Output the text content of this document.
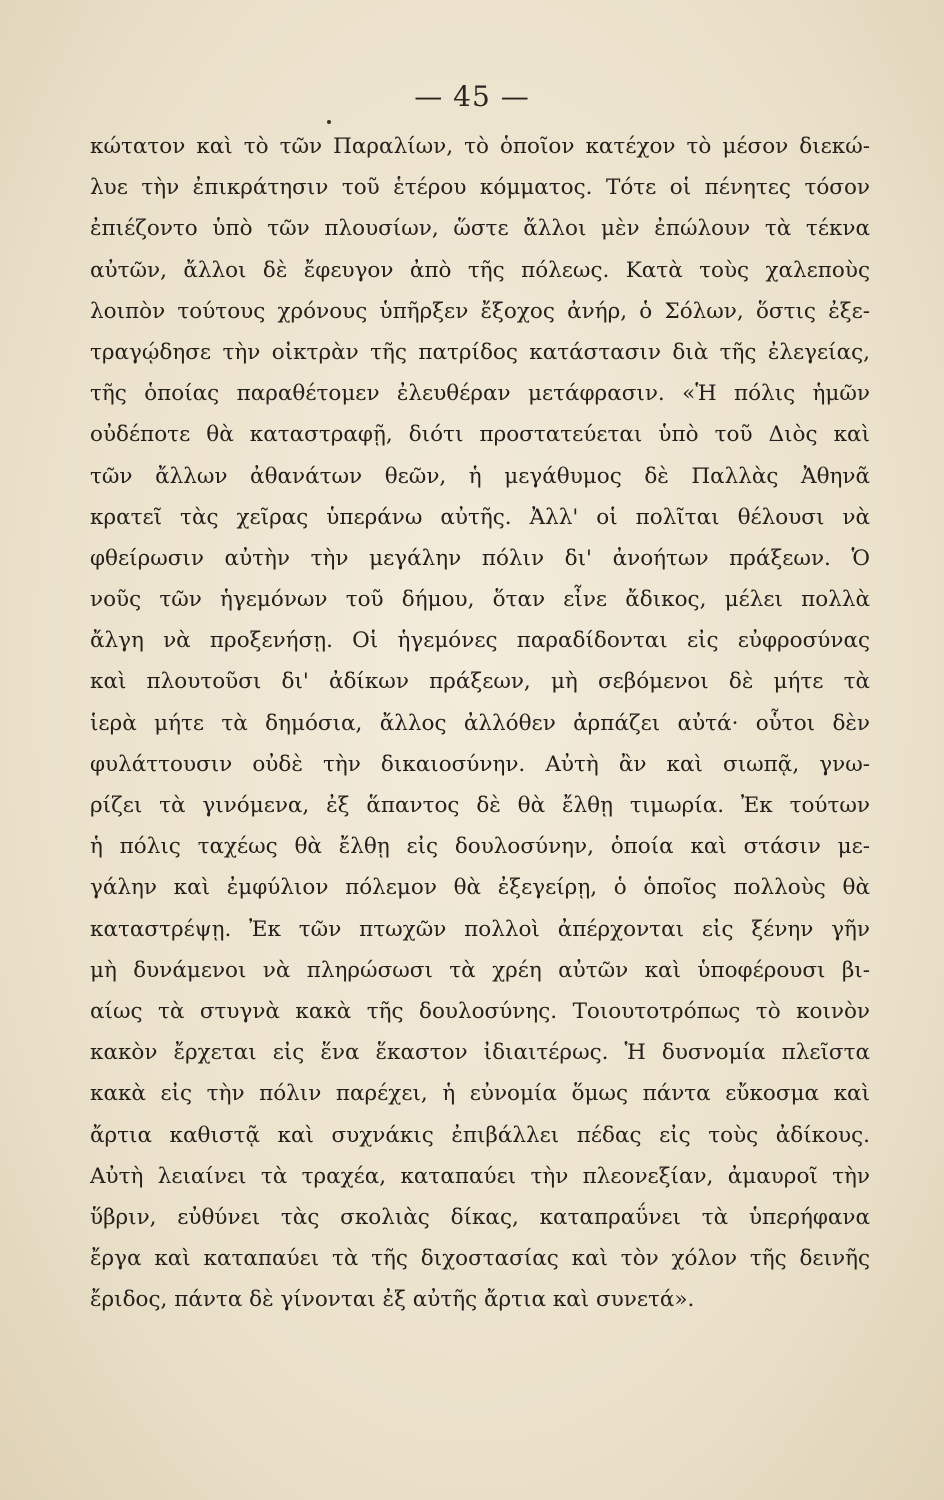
— 45 —
κώτατον καὶ τὸ τῶν Παραλίων, τὸ ὁποῖον κατέχον τὸ μέσον διεκώ-
λυε τὴν ἐπικράτησιν τοῦ ἑτέρου κόμματος. Τότε οἱ πένητες τόσον
ἐπιέζοντο ὑπὸ τῶν πλουσίων, ὥστε ἄλλοι μὲν ἐπώλουν τὰ τέκνα
αὐτῶν, ἄλλοι δὲ ἔφευγον ἀπὸ τῆς πόλεως. Κατὰ τοὺς χαλεποὺς
λοιπὸν τούτους χρόνους ὑπῆρξεν ἔξοχος ἀνήρ, ὁ Σόλων, ὅστις ἐξε-
τραγῴδησε τὴν οἰκτρὰν τῆς πατρίδος κατάστασιν διὰ τῆς ἐλεγείας,
τῆς ὁποίας παραθέτομεν ἐλευθέραν μετάφρασιν. «Ἡ πόλις ἡμῶν
οὐδέποτε θὰ καταστραφῇ, διότι προστατεύεται ὑπὸ τοῦ Διὸς καὶ
τῶν ἄλλων ἀθανάτων θεῶν, ἡ μεγάθυμος δὲ Παλλὰς Ἀθηνᾶ
κρατεῖ τὰς χεῖρας ὑπεράνω αὐτῆς. Ἀλλ' οἱ πολῖται θέλουσι νὰ
φθείρωσιν αὐτὴν τὴν μεγάλην πόλιν δι' ἀνοήτων πράξεων. Ὁ
νοῦς τῶν ἡγεμόνων τοῦ δήμου, ὅταν εἶνε ἄδικος, μέλει πολλὰ
ἄλγη νὰ προξενήσῃ. Οἱ ἡγεμόνες παραδίδονται εἰς εὐφροσύνας
καὶ πλουτοῦσι δι' ἀδίκων πράξεων, μὴ σεβόμενοι δὲ μήτε τὰ
ἱερὰ μήτε τὰ δημόσια, ἄλλος ἀλλόθεν ἁρπάζει αὐτά· οὗτοι δὲν
φυλάττουσιν οὐδὲ τὴν δικαιοσύνην. Αὐτὴ ἂν καὶ σιωπᾷ, γνω-
ρίζει τὰ γινόμενα, ἐξ ἅπαντος δὲ θὰ ἔλθῃ τιμωρία. Ἐκ τούτων
ἡ πόλις ταχέως θὰ ἔλθῃ εἰς δουλοσύνην, ὁποία καὶ στάσιν με-
γάλην καὶ ἐμφύλιον πόλεμον θὰ ἐξεγείρῃ, ὁ ὁποῖος πολλοὺς θὰ
καταστρέψῃ. Ἐκ τῶν πτωχῶν πολλοὶ ἀπέρχονται εἰς ξένην γῆν
μὴ δυνάμενοι νὰ πληρώσωσι τὰ χρέη αὐτῶν καὶ ὑποφέρουσι βι-
αίως τὰ στυγνὰ κακὰ τῆς δουλοσύνης. Τοιουτοτρόπως τὸ κοινὸν
κακὸν ἔρχεται εἰς ἕνα ἕκαστον ἰδιαιτέρως. Ἡ δυσνομία πλεῖστα
κακὰ εἰς τὴν πόλιν παρέχει, ἡ εὐνομία ὅμως πάντα εὔκοσμα καὶ
ἄρτια καθιστᾷ καὶ συχνάκις ἐπιβάλλει πέδας εἰς τοὺς ἀδίκους.
Αὐτὴ λειαίνει τὰ τραχέα, καταπαύει τὴν πλεονεξίαν, ἀμαυροῖ τὴν
ὕβριν, εὐθύνει τὰς σκολιὰς δίκας, καταπραΰνει τὰ ὑπερήφανα
ἔργα καὶ καταπαύει τὰ τῆς διχοστασίας καὶ τὸν χόλον τῆς δεινῆς
ἔριδος, πάντα δὲ γίνονται ἐξ αὐτῆς ἄρτια καὶ συνετά».
